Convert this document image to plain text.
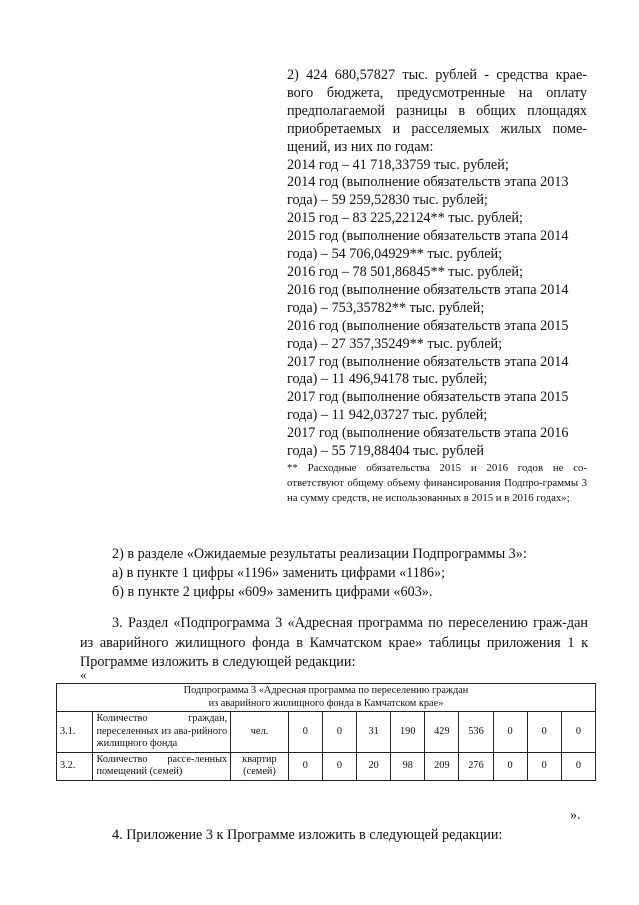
2) 424 680,57827 тыс. рублей - средства крае-
вого бюджета, предусмотренные на оплату
предполагаемой разницы в общих площадях
приобретаемых и расселяемых жилых поме-
щений, из них по годам:
2014 год – 41 718,33759 тыс. рублей;
2014 год (выполнение обязательств этапа 2013
года) – 59 259,52830 тыс. рублей;
2015 год – 83 225,22124** тыс. рублей;
2015 год (выполнение обязательств этапа 2014
года) – 54 706,04929** тыс. рублей;
2016 год – 78 501,86845** тыс. рублей;
2016 год (выполнение обязательств этапа 2014
года) – 753,35782** тыс. рублей;
2016 год (выполнение обязательств этапа 2015
года) – 27 357,35249** тыс. рублей;
2017 год (выполнение обязательств этапа 2014
года) – 11 496,94178 тыс. рублей;
2017 год (выполнение обязательств этапа 2015
года) – 11 942,03727 тыс. рублей;
2017 год (выполнение обязательств этапа 2016
года) – 55 719,88404 тыс. рублей
** Расходные обязательства 2015 и 2016 годов не со-ответствуют общему объему финансирования Подпро-граммы 3 на сумму средств, не использованных в 2015 и в 2016 годах»;
2) в разделе «Ожидаемые результаты реализации Подпрограммы 3»:
а) в пункте 1 цифры «1196» заменить цифрами «1186»;
б) в пункте 2 цифры «609» заменить цифрами «603».
3. Раздел «Подпрограмма 3 «Адресная программа по переселению граж-дан из аварийного жилищного фонда в Камчатском крае» таблицы приложения 1 к Программе изложить в следующей редакции:
«
Подпрограмма 3 «Адресная программа по переселению граждан
из аварийного жилищного фонда в Камчатском крае»											

3.1.	Количество граждан, переселенных из ава-рийного жилищного фонда	чел.	0	0	31	190	429	536	0	0	0
3.2.	Количество рассе-ленных помещений (семей)	квартир (семей)	0	0	20	98	209	276	0	0	0
».
4. Приложение 3 к Программе изложить в следующей редакции:
